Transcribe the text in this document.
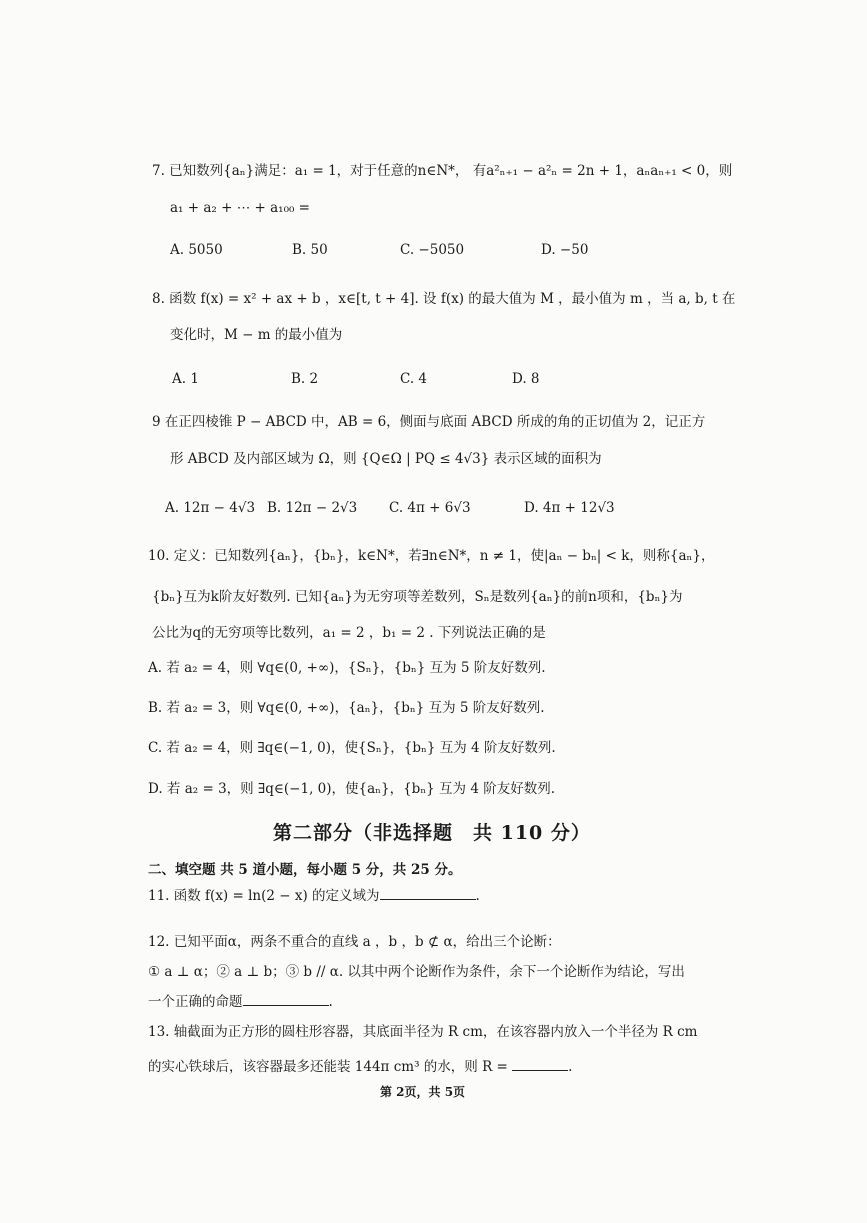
7. 已知数列{aₙ}满足：a₁ = 1，对于任意的n∈N*， 有a²ₙ₊₁ − a²ₙ = 2n + 1，aₙaₙ₊₁ < 0，则
a₁ + a₂ + ⋯ + a₁₀₀ =
A. 5050	B. 50	C. −5050	D. −50
8. 函数 f(x) = x² + ax + b ，x∈[t, t + 4]. 设 f(x) 的最大值为 M ，最小值为 m ，当 a, b, t 在
变化时，M − m 的最小值为
A. 1	B. 2	C. 4	D. 8
9 在正四棱锥 P − ABCD 中，AB = 6，侧面与底面 ABCD 所成的角的正切值为 2，记正方
形 ABCD 及内部区域为 Ω，则 {Q∈Ω | PQ ≤ 4√3} 表示区域的面积为
A. 12π − 4√3 B. 12π − 2√3 C. 4π + 6√3	D. 4π + 12√3
10. 定义：已知数列{aₙ}，{bₙ}，k∈N*，若∃n∈N*，n ≠ 1，使|aₙ − bₙ| < k，则称{aₙ}，
{bₙ}互为k阶友好数列. 已知{aₙ}为无穷项等差数列，Sₙ是数列{aₙ}的前n项和，{bₙ}为
公比为q的无穷项等比数列，a₁ = 2 ，b₁ = 2 . 下列说法正确的是
A. 若 a₂ = 4，则 ∀q∈(0, +∞)，{Sₙ}，{bₙ} 互为 5 阶友好数列.
B. 若 a₂ = 3，则 ∀q∈(0, +∞)，{aₙ}，{bₙ} 互为 5 阶友好数列.
C. 若 a₂ = 4，则 ∃q∈(−1, 0)，使{Sₙ}，{bₙ} 互为 4 阶友好数列.
D. 若 a₂ = 3，则 ∃q∈(−1, 0)，使{aₙ}，{bₙ} 互为 4 阶友好数列.
第二部分（非选择题　共 110 分）
二、填空题 共 5 道小题，每小题 5 分，共 25 分。
11. 函数 f(x) = ln(2 − x) 的定义域为	.
12. 已知平面α，两条不重合的直线 a ，b ，b ⊄ α，给出三个论断：
① a ⊥ α；② a ⊥ b；③ b // α. 以其中两个论断作为条件，余下一个论断作为结论，写出
一个正确的命题	.
13. 轴截面为正方形的圆柱形容器，其底面半径为 R cm，在该容器内放入一个半径为 R cm
的实心铁球后，该容器最多还能装 144π cm³ 的水，则 R =	.
第 2页，共 5页
